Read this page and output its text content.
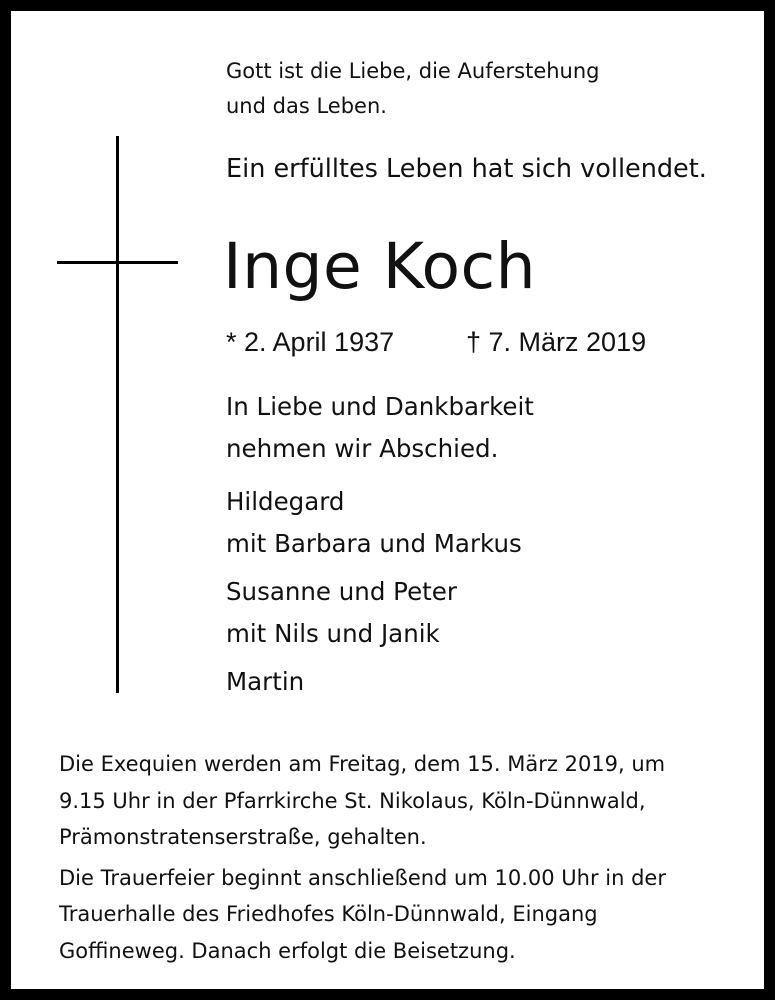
Gott ist die Liebe, die Auferstehung
und das Leben.
Ein erfülltes Leben hat sich vollendet.
Inge Koch
* 2. April 1937	† 7. März 2019
In Liebe und Dankbarkeit
nehmen wir Abschied.
Hildegard
mit Barbara und Markus
Susanne und Peter
mit Nils und Janik
Martin
Die Exequien werden am Freitag, dem 15. März 2019, um
9.15 Uhr in der Pfarrkirche St. Nikolaus, Köln-Dünnwald,
Prämonstratenserstraße, gehalten.
Die Trauerfeier beginnt anschließend um 10.00 Uhr in der
Trauerhalle des Friedhofes Köln-Dünnwald, Eingang
Goffineweg. Danach erfolgt die Beisetzung.
